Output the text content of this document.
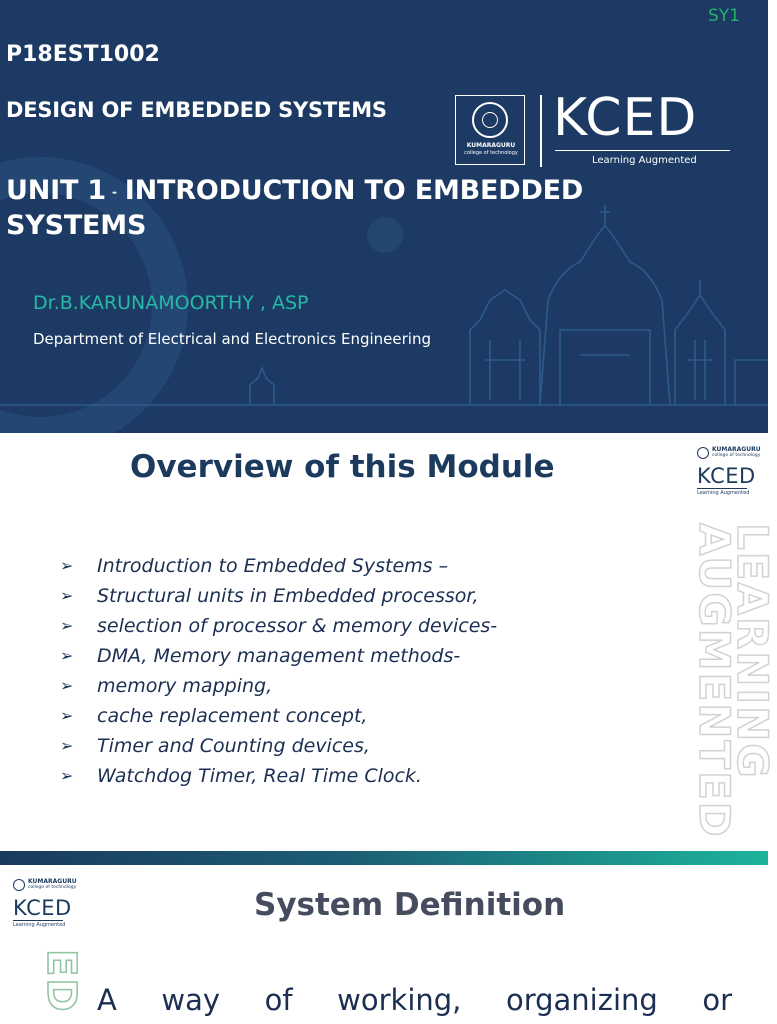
SY1
P18EST1002
DESIGN OF EMBEDDED SYSTEMS
KUMARAGURU
college of technology
KCED
Learning Augmented
UNIT 1 - INTRODUCTION TO EMBEDDED SYSTEMS
Dr.B.KARUNAMOORTHY , ASP
Department of Electrical and Electronics Engineering
Overview of this Module
➢ Introduction to Embedded Systems –
➢ Structural units in Embedded processor,
➢ selection of processor & memory devices-
➢ DMA, Memory management methods-
➢ memory mapping,
➢ cache replacement concept,
➢ Timer and Counting devices,
➢ Watchdog Timer, Real Time Clock.
KUMARAGURU
college of technology
KCED
Learning Augmented
LEARNING
AUGMENTED
KUMARAGURU
college of technology
KCED
Learning Augmented
ED
System Definition
A way of working, organizing or
